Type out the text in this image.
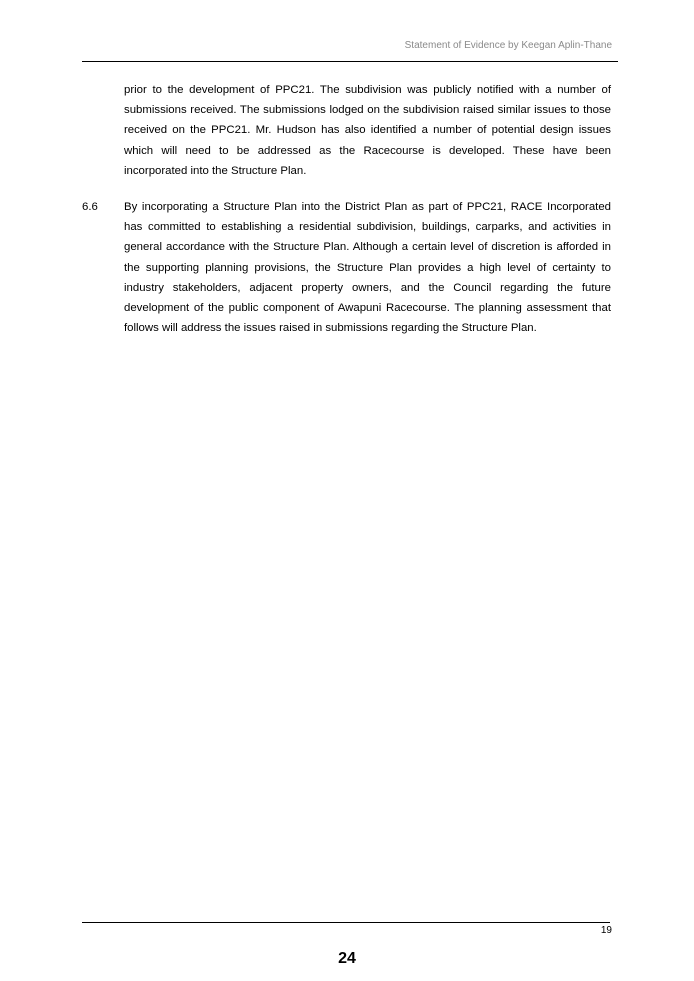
Statement of Evidence by Keegan Aplin-Thane

prior to the development of PPC21. The subdivision was publicly notified with a number of submissions received. The submissions lodged on the subdivision raised similar issues to those received on the PPC21. Mr. Hudson has also identified a number of potential design issues which will need to be addressed as the Racecourse is developed. These have been incorporated into the Structure Plan.

6.6 By incorporating a Structure Plan into the District Plan as part of PPC21, RACE Incorporated has committed to establishing a residential subdivision, buildings, carparks, and activities in general accordance with the Structure Plan. Although a certain level of discretion is afforded in the supporting planning provisions, the Structure Plan provides a high level of certainty to industry stakeholders, adjacent property owners, and the Council regarding the future development of the public component of Awapuni Racecourse. The planning assessment that follows will address the issues raised in submissions regarding the Structure Plan.

19
24
